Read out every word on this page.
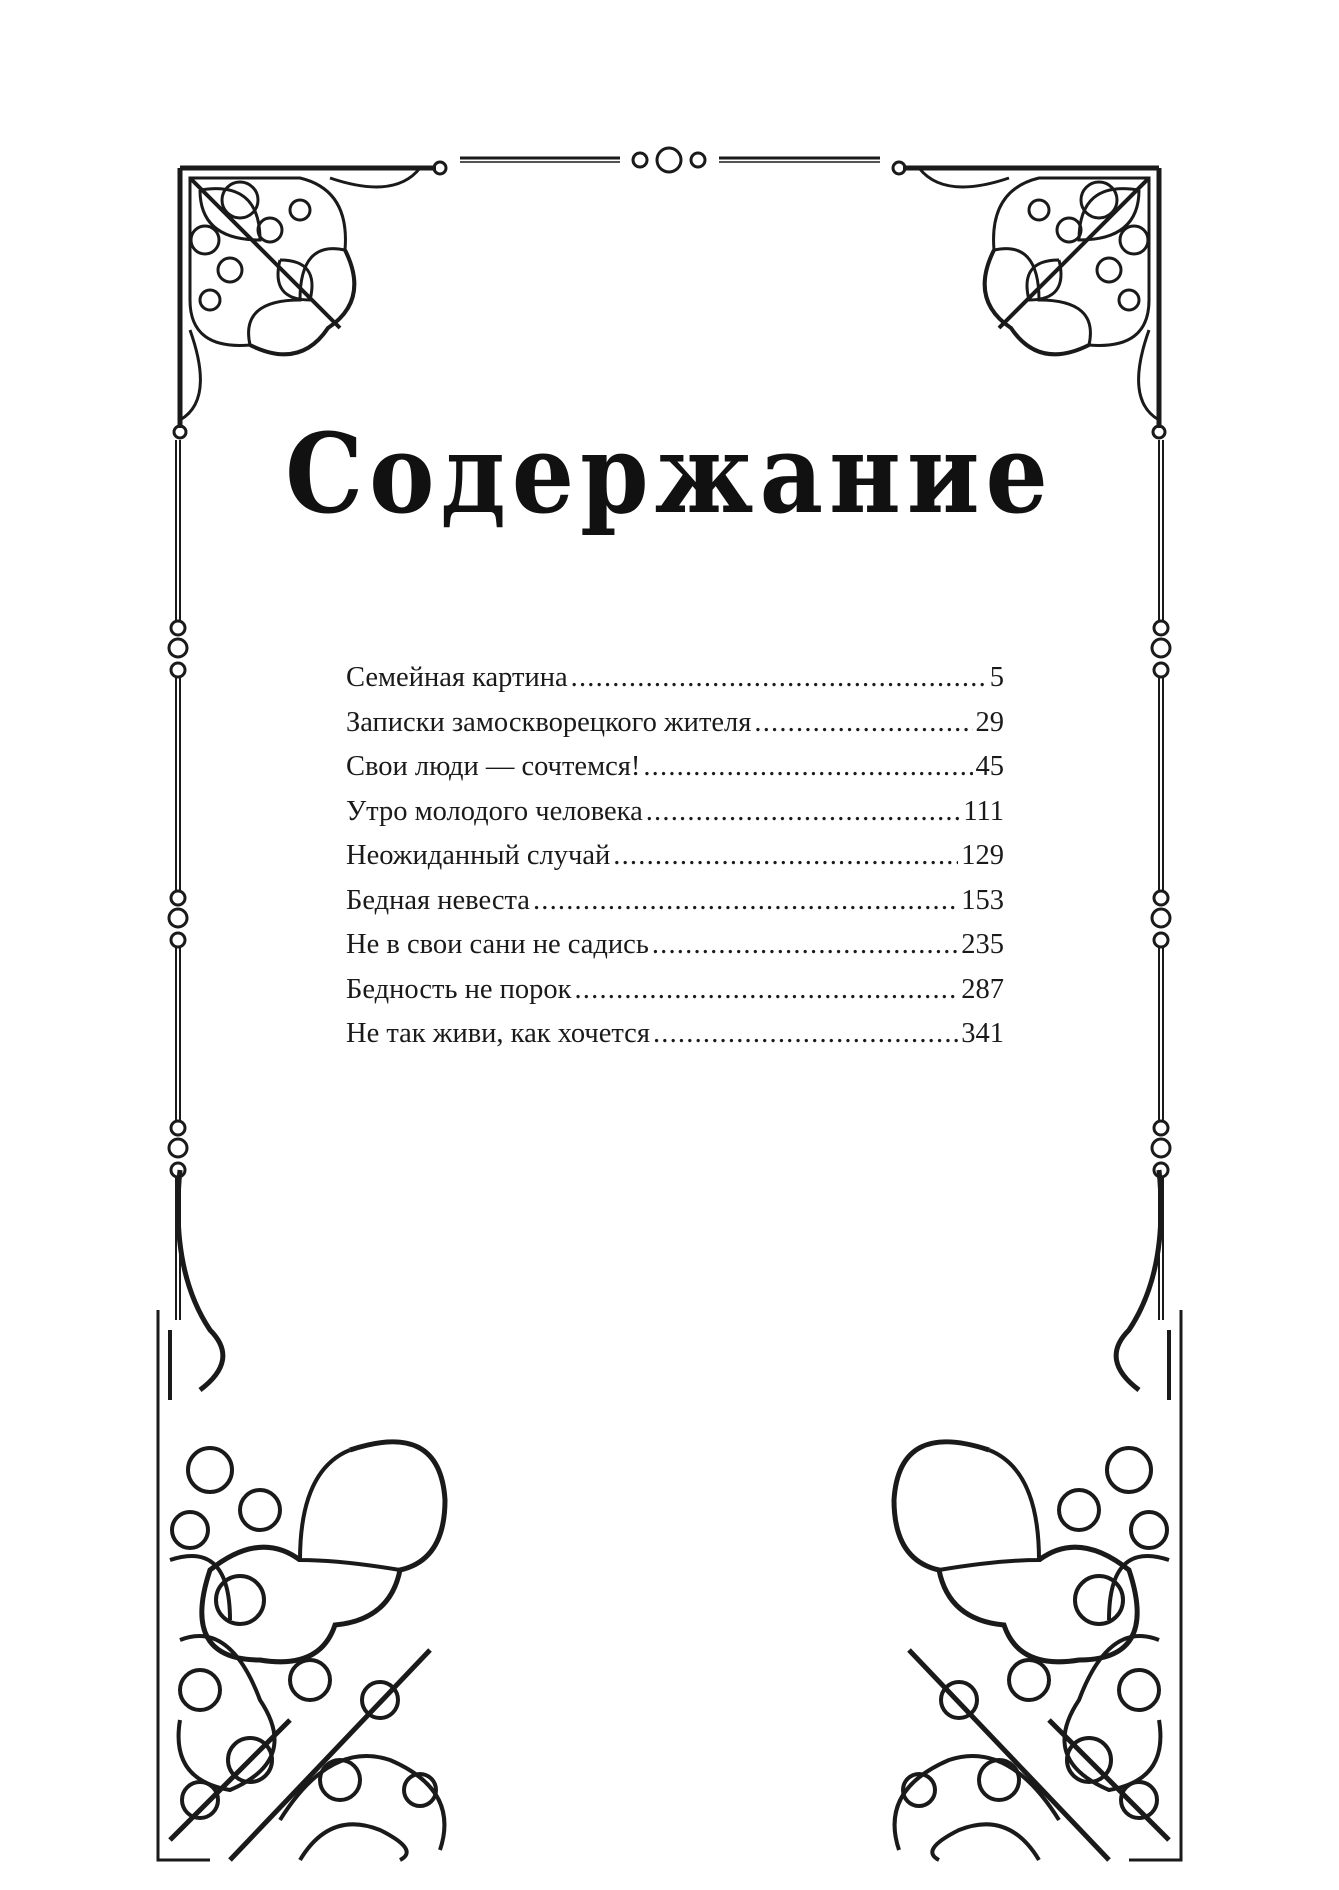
Содержание
Семейная картина .....	5
Записки замоскворецкого жителя .....	29
Свои люди — сочтемся! .....	45
Утро молодого человека .....	111
Неожиданный случай .....	129
Бедная невеста .....	153
Не в свои сани не садись .....	235
Бедность не порок .....	287
Не так живи, как хочется .....	341
